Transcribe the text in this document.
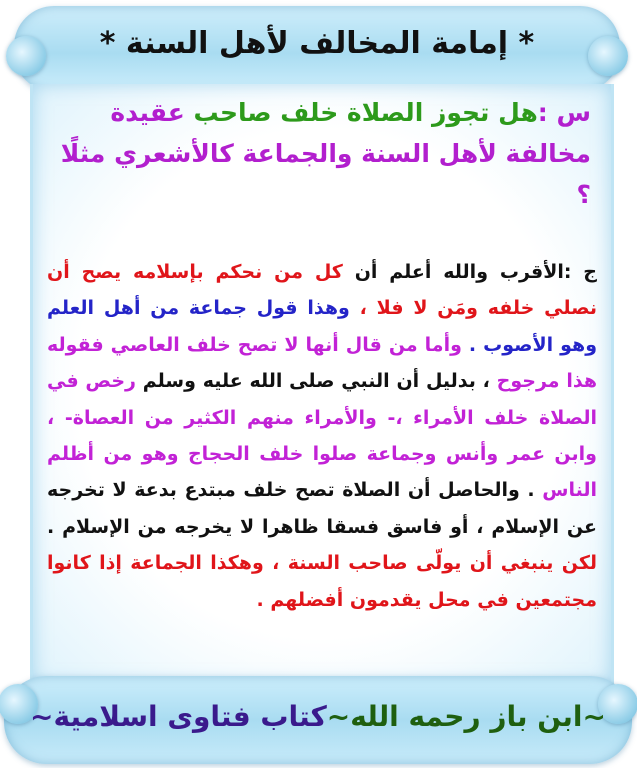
* إمامة المخالف لأهل السنة *
س :هل تجوز الصلاة خلف صاحب عقيدة مخالفة لأهل السنة والجماعة كالأشعري مثلًا ؟
ج :الأقرب والله أعلم أن كل من نحكم بإسلامه يصح أن نصلي خلفه ومَن لا فلا ، وهذا قول جماعة من أهل العلم وهو الأصوب . وأما من قال أنها لا تصح خلف العاصي فقوله هذا مرجوح ، بدليل أن النبي صلى الله عليه وسلم رخص في الصلاة خلف الأمراء ،- والأمراء منهم الكثير من العصاة- ، وابن عمر وأنس وجماعة صلوا خلف الحجاج وهو من أظلم الناس . والحاصل أن الصلاة تصح خلف مبتدع بدعة لا تخرجه عن الإسلام ، أو فاسق فسقا ظاهرا لا يخرجه من الإسلام . لكن ينبغي أن يولّى صاحب السنة ، وهكذا الجماعة إذا كانوا مجتمعين في محل يقدمون أفضلهم .
~ابن باز رحمه الله~كتاب فتاوى اسلامية~
